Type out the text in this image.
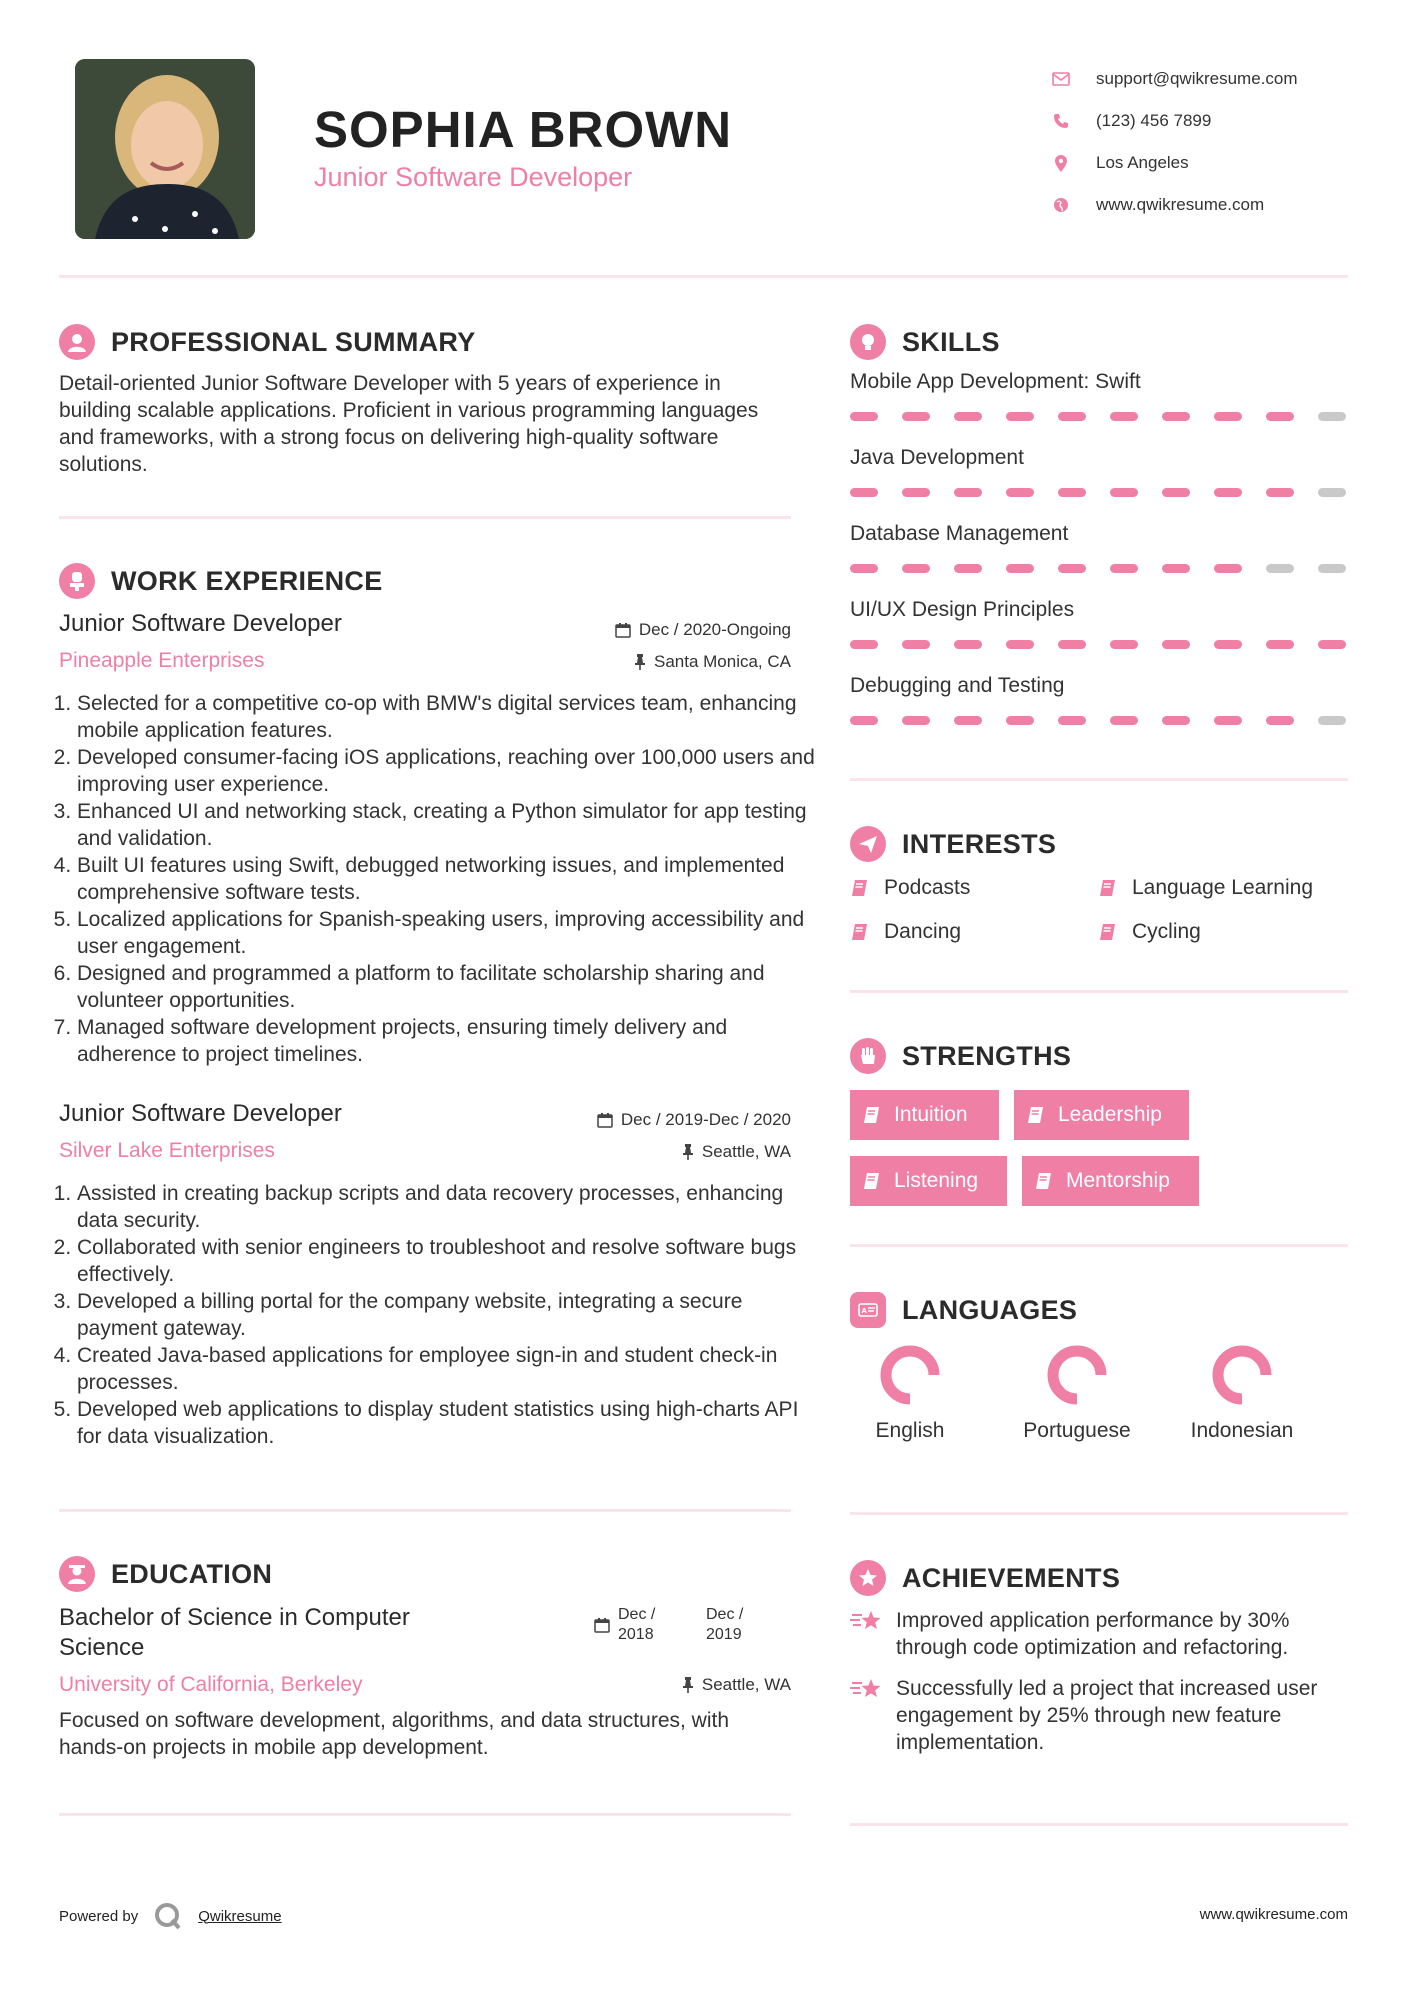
SOPHIA BROWN
Junior Software Developer
support@qwikresume.com
(123) 456 7899
Los Angeles
www.qwikresume.com
PROFESSIONAL SUMMARY
Detail-oriented Junior Software Developer with 5 years of experience in building scalable applications. Proficient in various programming languages and frameworks, with a strong focus on delivering high-quality software solutions.
WORK EXPERIENCE
Junior Software Developer	Dec / 2020-Ongoing
Pineapple Enterprises	Santa Monica, CA
1. Selected for a competitive co-op with BMW's digital services team, enhancing mobile application features.
2. Developed consumer-facing iOS applications, reaching over 100,000 users and improving user experience.
3. Enhanced UI and networking stack, creating a Python simulator for app testing and validation.
4. Built UI features using Swift, debugged networking issues, and implemented comprehensive software tests.
5. Localized applications for Spanish-speaking users, improving accessibility and user engagement.
6. Designed and programmed a platform to facilitate scholarship sharing and volunteer opportunities.
7. Managed software development projects, ensuring timely delivery and adherence to project timelines.
Junior Software Developer	Dec / 2019-Dec / 2020
Silver Lake Enterprises	Seattle, WA
1. Assisted in creating backup scripts and data recovery processes, enhancing data security.
2. Collaborated with senior engineers to troubleshoot and resolve software bugs effectively.
3. Developed a billing portal for the company website, integrating a secure payment gateway.
4. Created Java-based applications for employee sign-in and student check-in processes.
5. Developed web applications to display student statistics using high-charts API for data visualization.
EDUCATION
Bachelor of Science in Computer Science
Dec / 2018
Dec / 2019
University of California, Berkeley	Seattle, WA
Focused on software development, algorithms, and data structures, with hands-on projects in mobile app development.
SKILLS
Mobile App Development: Swift
Java Development
Database Management
UI/UX Design Principles
Debugging and Testing
INTERESTS
Podcasts	Language Learning
Dancing	Cycling
STRENGTHS
Intuition	Leadership
Listening	Mentorship
A LANGUAGES
English	Portuguese	Indonesian
ACHIEVEMENTS
Improved application performance by 30% through code optimization and refactoring.
Successfully led a project that increased user engagement by 25% through new feature implementation.
Powered by	Qwikresume	www.qwikresume.com
